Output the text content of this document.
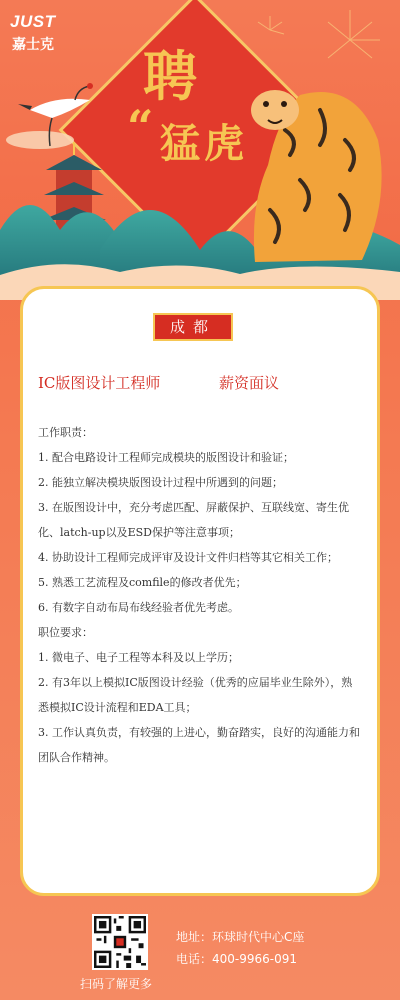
JUST
嘉士克 聘
“ 猛虎
成都
IC版图设计工程师	薪资面议

工作职责：

1. 配合电路设计工程师完成模块的版图设计和验证；

2. 能独立解决模块版图设计过程中所遇到的问题；

3. 在版图设计中，充分考虑匹配、屏蔽保护、互联线宽、寄生优化、latch-up以及ESD保护等注意事项；

4. 协助设计工程师完成评审及设计文件归档等其它相关工作；

5. 熟悉工艺流程及comfile的修改者优先；

6. 有数字自动布局布线经验者优先考虑。

职位要求：

1. 微电子、电子工程等本科及以上学历；

2. 有3年以上模拟IC版图设计经验（优秀的应届毕业生除外），熟悉模拟IC设计流程和EDA工具；

3. 工作认真负责，有较强的上进心，勤奋踏实，良好的沟通能力和团队合作精神。

扫码了解更多
地址：环球时代中心C座
电话：400-9966-091
